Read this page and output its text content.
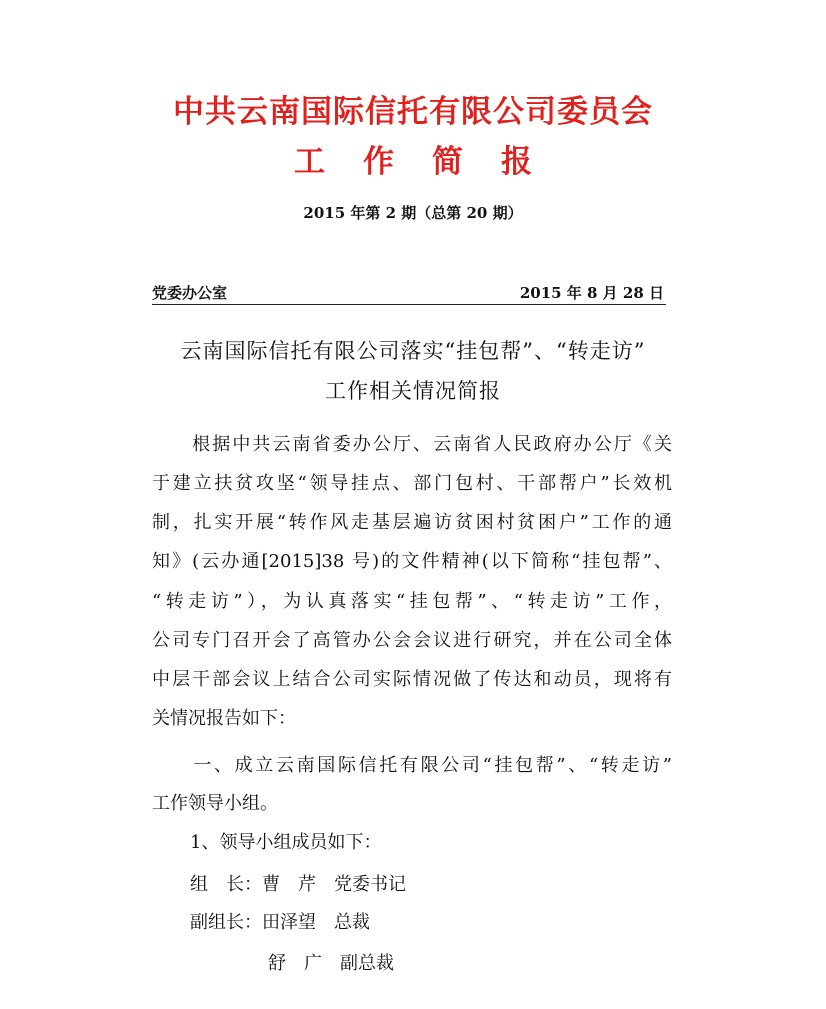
中共云南国际信托有限公司委员会
工作简报
2015 年第 2 期（总第 20 期）
党委办公室	2015 年 8 月 28 日
云南国际信托有限公司落实“挂包帮”、“转走访”
工作相关情况简报
　　根据中共云南省委办公厅、云南省人民政府办公厅《关
于建立扶贫攻坚“领导挂点、部门包村、干部帮户”长效机
制，扎实开展“转作风走基层遍访贫困村贫困户”工作的通
知》(云办通[2015]38 号)的文件精神(以下简称“挂包帮”、
“转走访”），为认真落实“挂包帮”、“转走访”工作，
公司专门召开会了高管办公会会议进行研究，并在公司全体
中层干部会议上结合公司实际情况做了传达和动员，现将有
关情况报告如下：
　　一、成立云南国际信托有限公司“挂包帮”、“转走访”
工作领导小组。
1、领导小组成员如下：
组　长：曹　芹　党委书记
副组长：田泽望　总裁
舒　广　副总裁
